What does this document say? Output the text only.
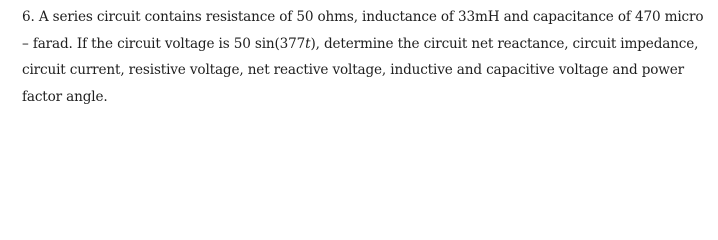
6. A series circuit contains resistance of 50 ohms, inductance of 33mH and capacitance of 470 micro
– farad. If the circuit voltage is 50 sin(377t), determine the circuit net reactance, circuit impedance,
circuit current, resistive voltage, net reactive voltage, inductive and capacitive voltage and power
factor angle.
